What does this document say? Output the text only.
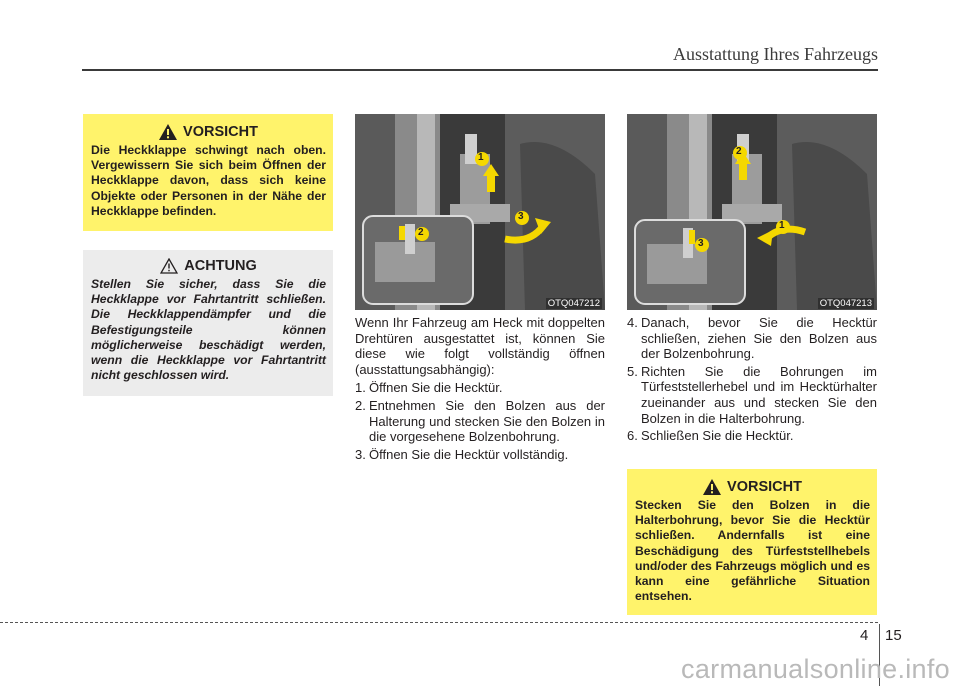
Ausstattung Ihres Fahrzeugs
VORSICHT
Die Heckklappe schwingt nach oben. Vergewissern Sie sich beim Öffnen der Heckklappe davon, dass sich keine Objekte oder Personen in der Nähe der Heckklappe befinden.
ACHTUNG
Stellen Sie sicher, dass Sie die Heckklappe vor Fahrtantritt schließen. Die Heckklappendämpfer und die Befestigungsteile können möglicherweise beschädigt werden, wenn die Heckklappe vor Fahrtantritt nicht geschlossen wird.
1
2
3
OTQ047212
1
2
3
OTQ047213

Wenn Ihr Fahrzeug am Heck mit doppelten Drehtüren ausgestattet ist, können Sie diese wie folgt vollständig öffnen (ausstattungsabhängig):

1. Öffnen Sie die Hecktür.
2. Entnehmen Sie den Bolzen aus der Halterung und stecken Sie den Bolzen in die vorgesehene Bolzenbohrung.
3. Öffnen Sie die Hecktür vollständig.
4. Danach, bevor Sie die Hecktür schließen, ziehen Sie den Bolzen aus der Bolzenbohrung.
5. Richten Sie die Bohrungen im Türfeststellerhebel und im Hecktürhalter zueinander aus und stecken Sie den Bolzen in die Halterbohrung.
6. Schließen Sie die Hecktür.
VORSICHT
Stecken Sie den Bolzen in die Halterbohrung, bevor Sie die Hecktür schließen. Andernfalls ist eine Beschädigung des Türfeststellhebels und/oder des Fahrzeugs möglich und es kann eine gefährliche Situation entsehen.
4 15
carmanualsonline.info
